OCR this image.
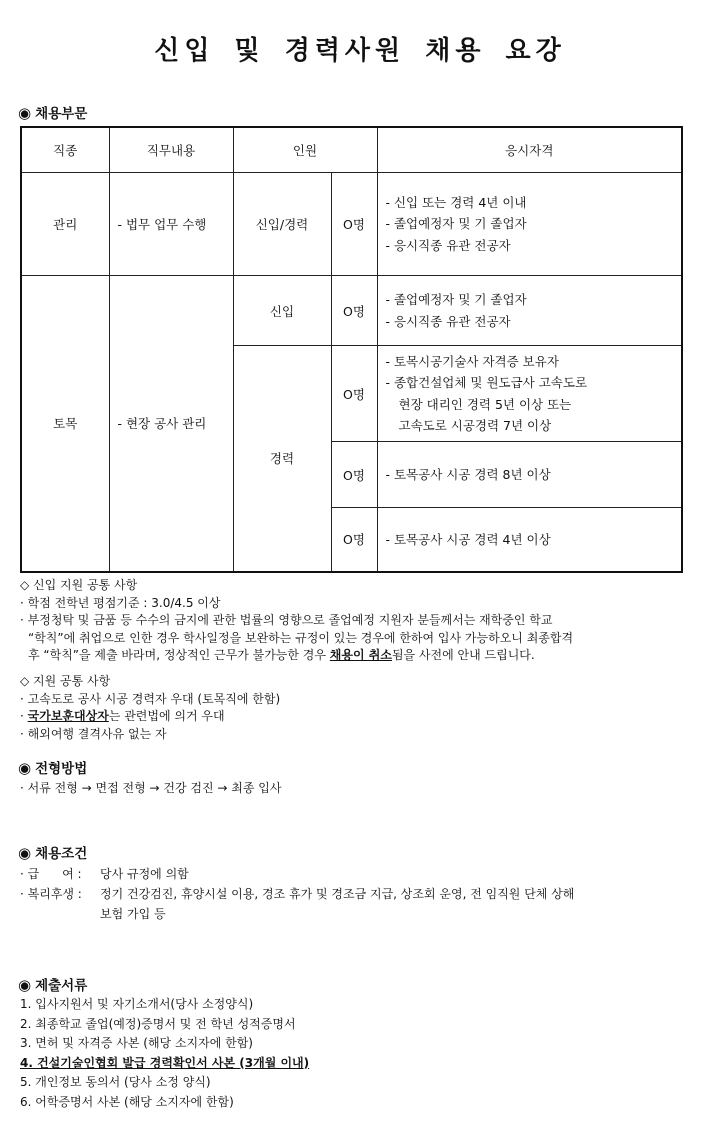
신입 및 경력사원 채용 요강
◉ 채용부문
직종	직무내용	인원		응시자격
관리	- 법무 업무 수행	신입/경력	O명	- 신입 또는 경력 4년 이내
- 졸업예정자 및 기 졸업자
- 응시직종 유관 전공자

토목	- 현장 공사 관리	신입	O명	- 졸업예정자 및 기 졸업자
- 응시직종 유관 전공자

		경력	O명	- 토목시공기술사 자격증 보유자
- 종합건설업체 및 원도급사 고속도로
현장 대리인 경력 5년 이상 또는
고속도로 시공경력 7년 이상

			O명	- 토목공사 시공 경력 8년 이상
			O명	- 토목공사 시공 경력 4년 이상
◇ 신입 지원 공통 사항
· 학점 전학년 평점기준 : 3.0/4.5 이상
· 부정청탁 및 금품 등 수수의 금지에 관한 법률의 영향으로 졸업예정 지원자 분들께서는 재학중인 학교
“학칙”에 취업으로 인한 경우 학사일정을 보완하는 규정이 있는 경우에 한하여 입사 가능하오니 최종합격
후 “학칙”을 제출 바라며, 정상적인 근무가 불가능한 경우 채용이 취소됨을 사전에 안내 드립니다.
◇ 지원 공통 사항
· 고속도로 공사 시공 경력자 우대 (토목직에 한함)
· 국가보훈대상자는 관련법에 의거 우대
· 해외여행 결격사유 없는 자
◉ 전형방법
· 서류 전형 → 면접 전형 → 건강 검진 → 최종 입사
◉ 채용조건
· 급      여 :	당사 규정에 의함
· 복리후생 :	정기 건강검진, 휴양시설 이용, 경조 휴가 및 경조금 지급, 상조회 운영, 전 임직원 단체 상해
보험 가입 등
◉ 제출서류
1. 입사지원서 및 자기소개서(당사 소정양식)
2. 최종학교 졸업(예정)증명서 및 전 학년 성적증명서
3. 면허 및 자격증 사본 (해당 소지자에 한함)
4. 건설기술인협회 발급 경력확인서 사본 (3개월 이내)
5. 개인정보 동의서 (당사 소정 양식)
6. 어학증명서 사본 (해당 소지자에 한함)
